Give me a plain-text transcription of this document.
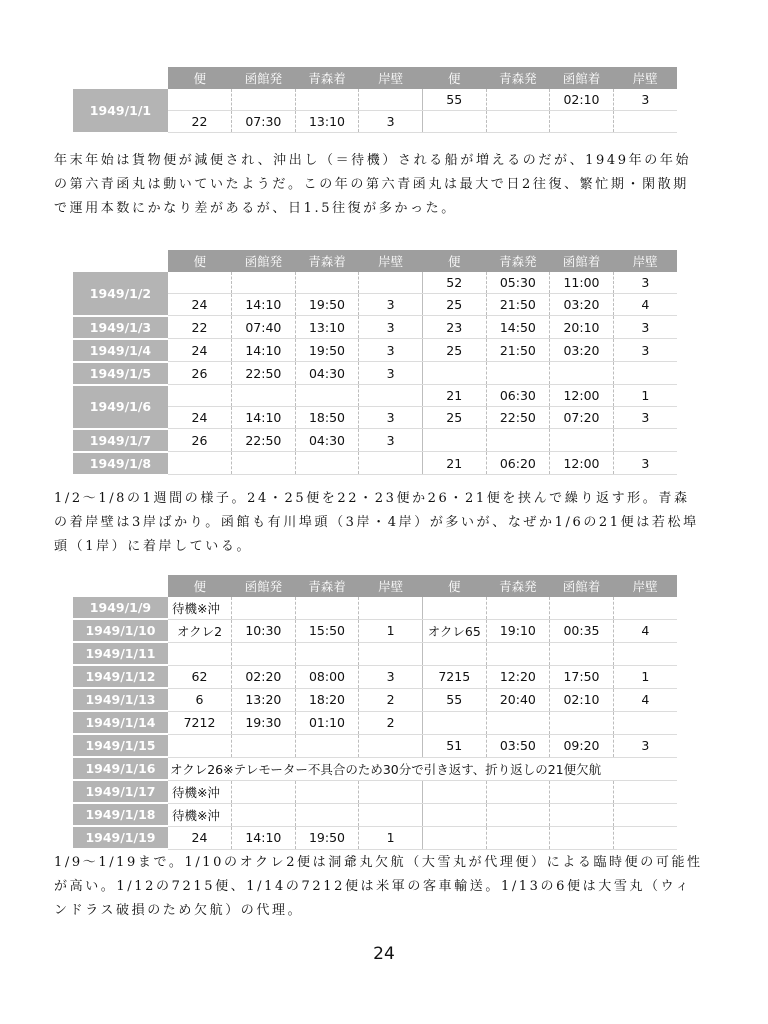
	便	函館発	青森着	岸壁	便	青森発	函館着	岸壁
1949/1/1					55		02:10	3
	22	07:30	13:10	3				

年末年始は貨物便が減便され、沖出し（＝待機）される船が増えるのだが、1949年の年始の第六青函丸は動いていたようだ。この年の第六青函丸は最大で日2往復、繁忙期・閑散期で運用本数にかなり差があるが、日1.5往復が多かった。

	便	函館発	青森着	岸壁	便	青森発	函館着	岸壁
1949/1/2					52	05:30	11:00	3
	24	14:10	19:50	3	25	21:50	03:20	4
1949/1/3	22	07:40	13:10	3	23	14:50	20:10	3
1949/1/4	24	14:10	19:50	3	25	21:50	03:20	3
1949/1/5	26	22:50	04:30	3				
1949/1/6					21	06:30	12:00	1
	24	14:10	18:50	3	25	22:50	07:20	3
1949/1/7	26	22:50	04:30	3				
1949/1/8					21	06:20	12:00	3

1/2〜1/8の1週間の様子。24・25便を22・23便か26・21便を挟んで繰り返す形。青森の着岸壁は3岸ばかり。函館も有川埠頭（3岸・4岸）が多いが、なぜか1/6の21便は若松埠頭（1岸）に着岸している。

	便	函館発	青森着	岸壁	便	青森発	函館着	岸壁
1949/1/9	待機※沖							
1949/1/10	オクレ2	10:30	15:50	1	オクレ65	19:10	00:35	4
1949/1/11								
1949/1/12	62	02:20	08:00	3	7215	12:20	17:50	1
1949/1/13	6	13:20	18:20	2	55	20:40	02:10	4
1949/1/14	7212	19:30	01:10	2				
1949/1/15					51	03:50	09:20	3
1949/1/16	オクレ26※テレモーター不具合のため30分で引き返す、折り返しの21便欠航							
1949/1/17	待機※沖							
1949/1/18	待機※沖							
1949/1/19	24	14:10	19:50	1				

1/9〜1/19まで。1/10のオクレ2便は洞爺丸欠航（大雪丸が代理便）による臨時便の可能性が高い。1/12の7215便、1/14の7212便は米軍の客車輸送。1/13の6便は大雪丸（ウィンドラス破損のため欠航）の代理。

24
